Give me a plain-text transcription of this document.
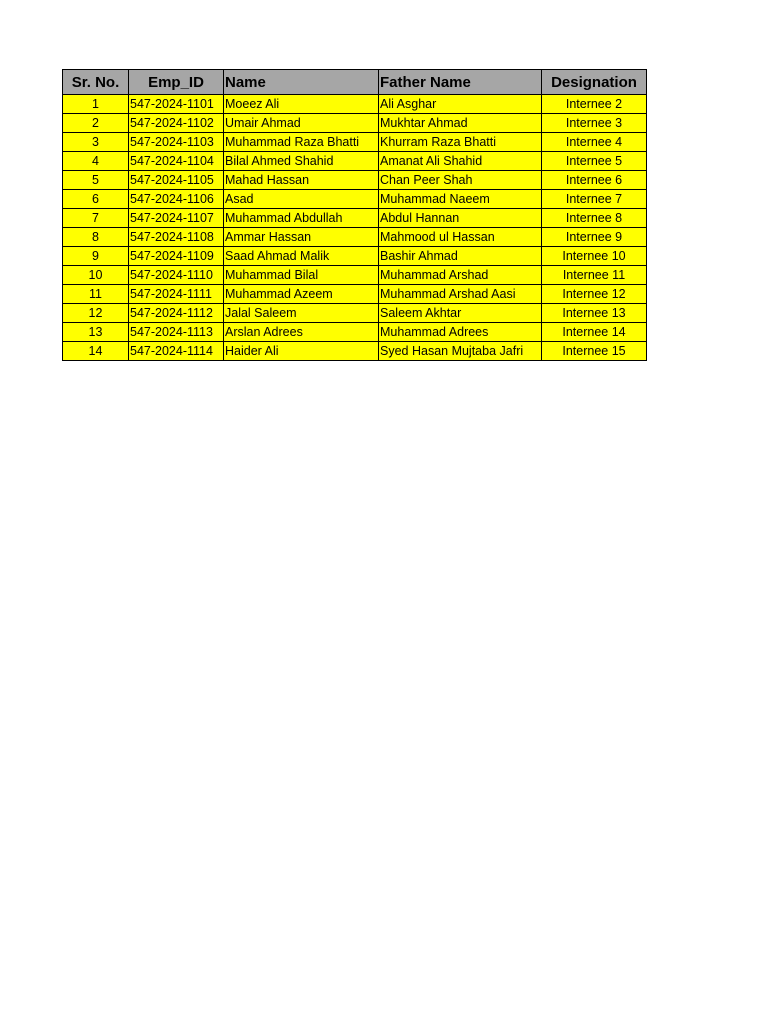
Sr. No.	Emp_ID	Name	Father Name	Designation
1	547-2024-1101	Moeez Ali	Ali Asghar	Internee 2
2	547-2024-1102	Umair Ahmad	Mukhtar Ahmad	Internee 3
3	547-2024-1103	Muhammad Raza Bhatti	Khurram Raza Bhatti	Internee 4
4	547-2024-1104	Bilal Ahmed Shahid	Amanat Ali Shahid	Internee 5
5	547-2024-1105	Mahad Hassan	Chan Peer Shah	Internee 6
6	547-2024-1106	Asad	Muhammad Naeem	Internee 7
7	547-2024-1107	Muhammad Abdullah	Abdul Hannan	Internee 8
8	547-2024-1108	Ammar Hassan	Mahmood ul Hassan	Internee 9
9	547-2024-1109	Saad Ahmad Malik	Bashir Ahmad	Internee 10
10	547-2024-1110	Muhammad Bilal	Muhammad Arshad	Internee 11
11	547-2024-1111	Muhammad Azeem	Muhammad Arshad Aasi	Internee 12
12	547-2024-1112	Jalal Saleem	Saleem Akhtar	Internee 13
13	547-2024-1113	Arslan Adrees	Muhammad Adrees	Internee 14
14	547-2024-1114	Haider Ali	Syed Hasan Mujtaba Jafri	Internee 15
